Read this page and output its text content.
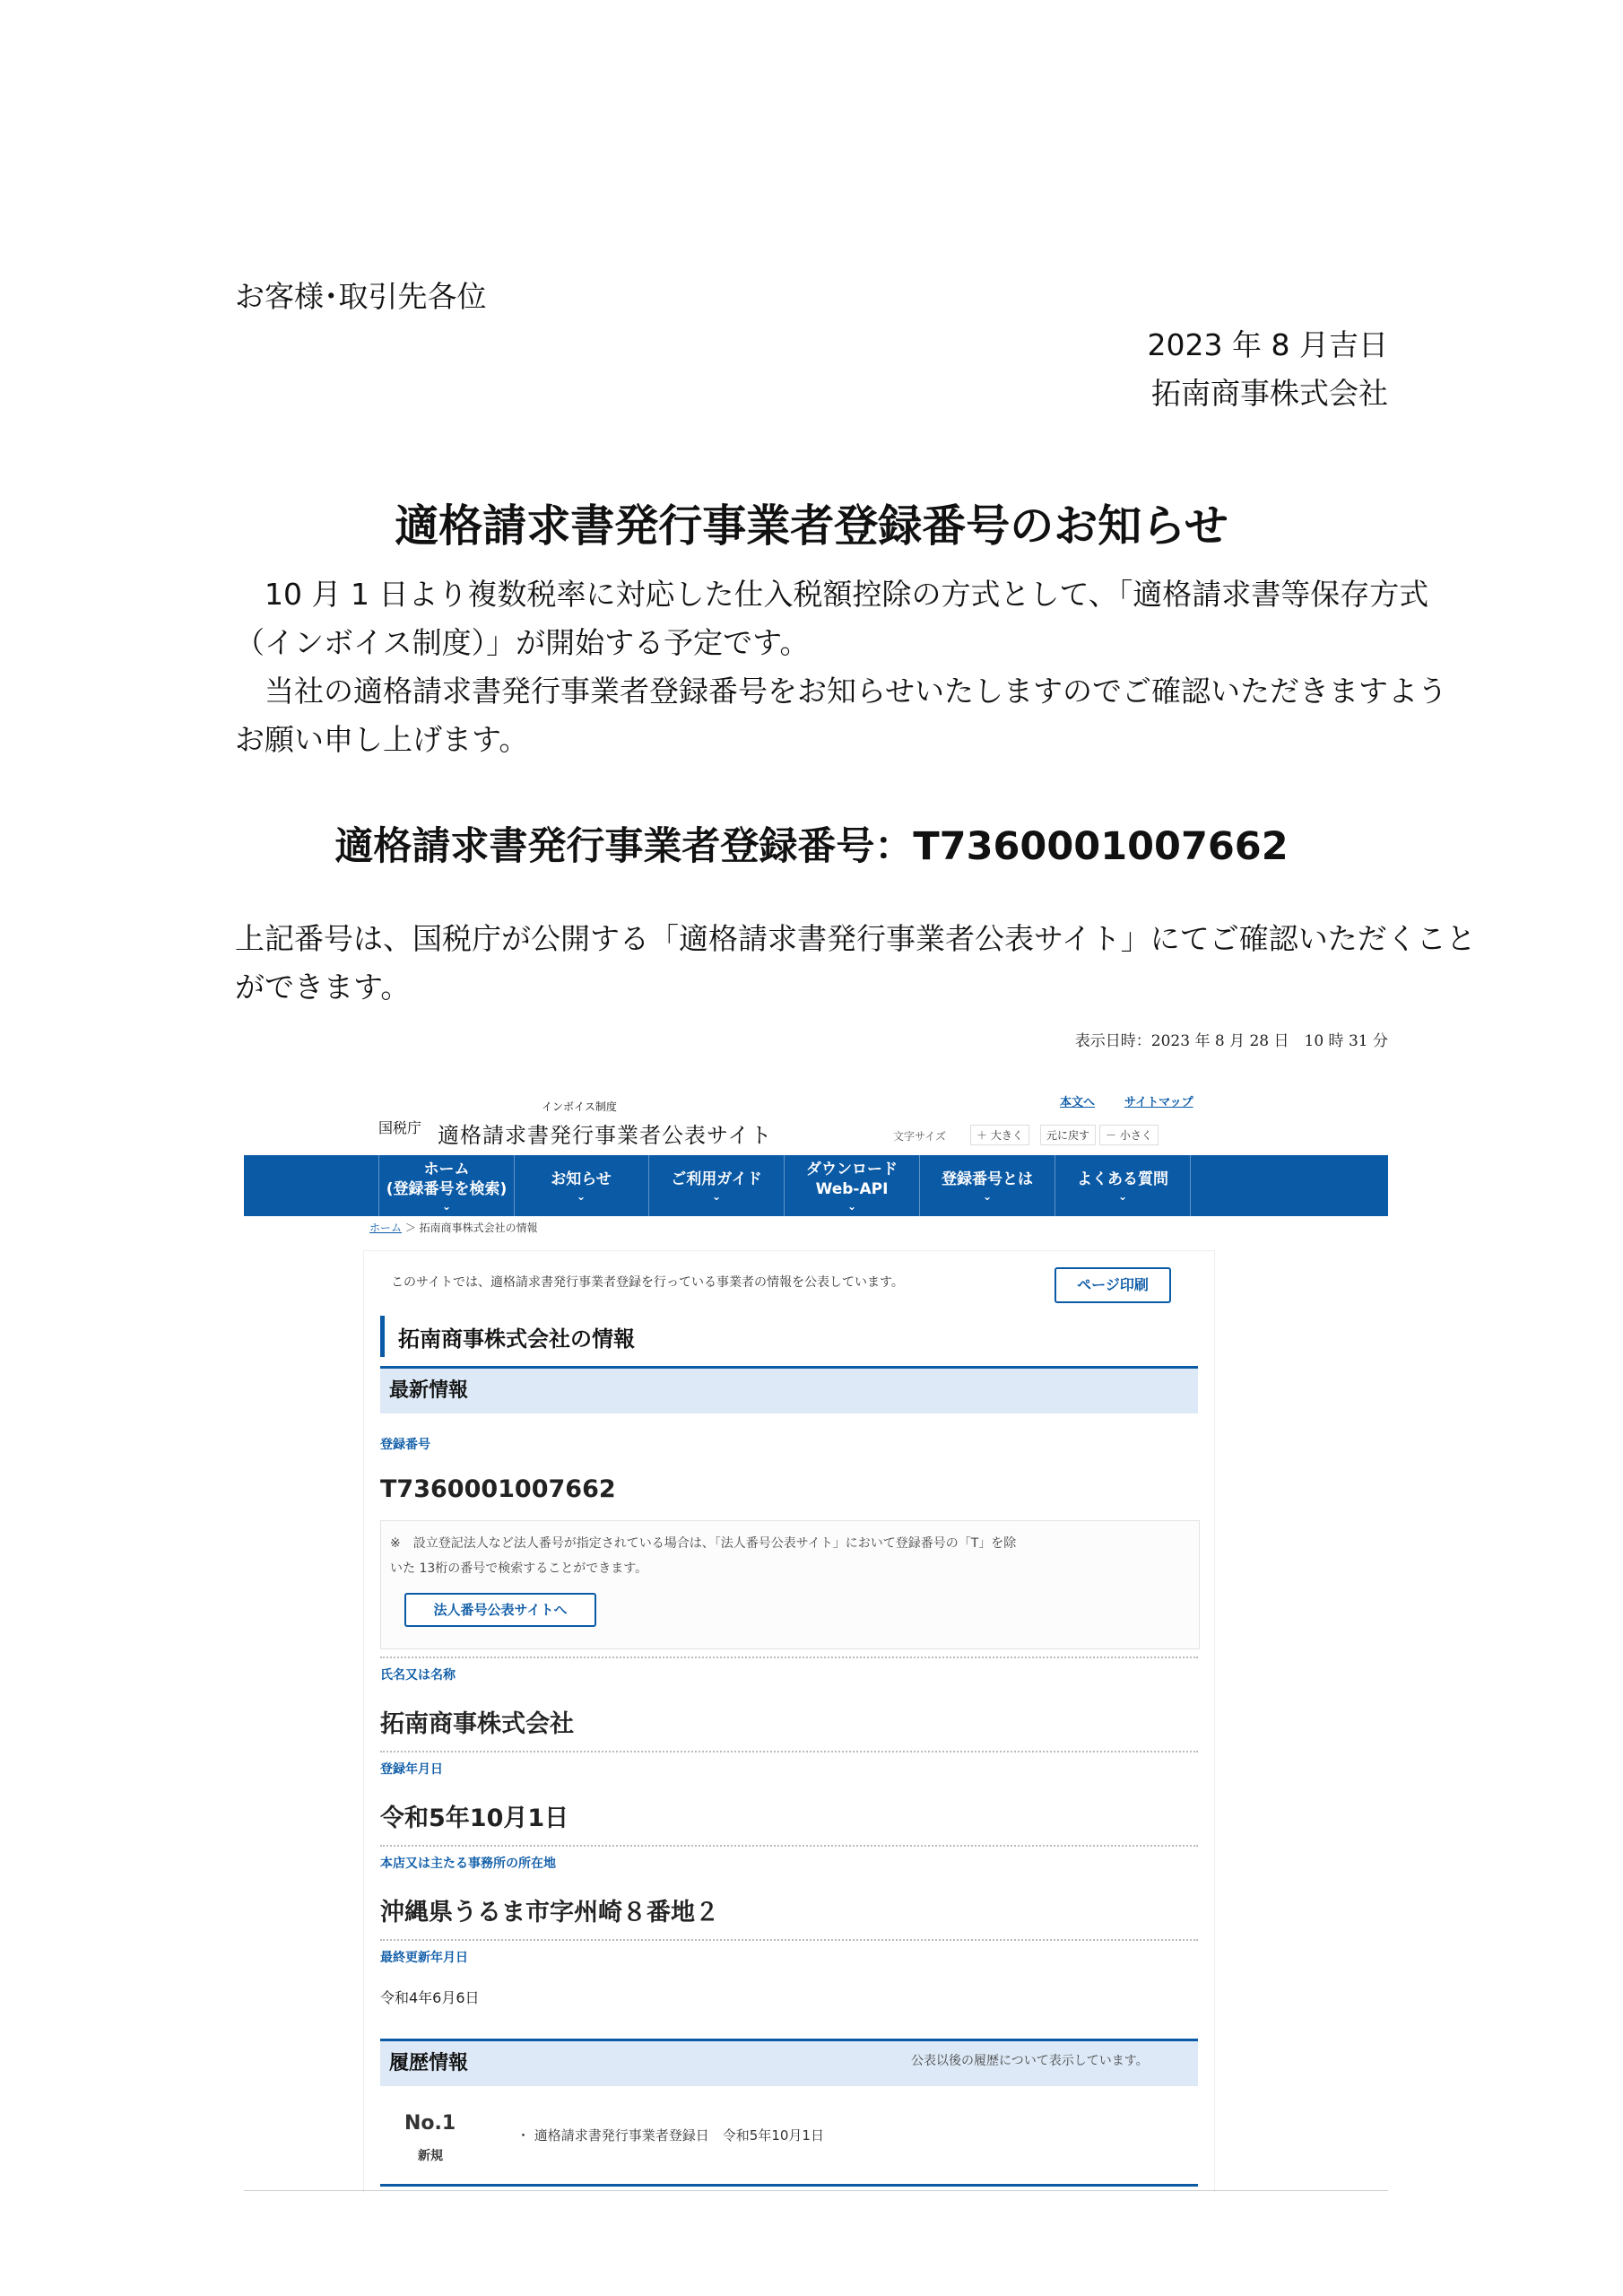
お客様･取引先各位
2023 年 8 月吉日
拓南商事株式会社
適格請求書発行事業者登録番号のお知らせ
　10 月 1 日より複数税率に対応した仕入税額控除の方式として、「適格請求書等保存方式
（インボイス制度）」が開始する予定です。
　当社の適格請求書発行事業者登録番号をお知らせいたしますのでご確認いただきますよう
お願い申し上げます。
適格請求書発行事業者登録番号：T7360001007662
上記番号は、国税庁が公開する「適格請求書発行事業者公表サイト」にてご確認いただくこと
ができます。
表示日時：2023 年 8 月 28 日　10 時 31 分
国税庁
インボイス制度
適格請求書発行事業者公表サイト
本文へ	サイトマップ
文字サイズ	＋ 大きく	元に戻す	－ 小さく
ホーム
(登録番号を検索)
⌄
お知らせ
⌄
ご利用ガイド
⌄
ダウンロード
Web-API
⌄
登録番号とは
⌄
よくある質問
⌄
ホーム ＞ 拓南商事株式会社の情報
このサイトでは、適格請求書発行事業者登録を行っている事業者の情報を公表しています。	ページ印刷
拓南商事株式会社の情報
最新情報
登録番号
T7360001007662
※　設立登記法人など法人番号が指定されている場合は、「法人番号公表サイト」において登録番号の「T」を除
いた 13桁の番号で検索することができます。
法人番号公表サイトへ
氏名又は名称
拓南商事株式会社
登録年月日
令和5年10月1日
本店又は主たる事務所の所在地
沖縄県うるま市字州崎８番地２
最終更新年月日
令和4年6月6日
履歴情報	公表以後の履歴について表示しています。
No.1
新規
・ 適格請求書発行事業者登録日　令和5年10月1日
